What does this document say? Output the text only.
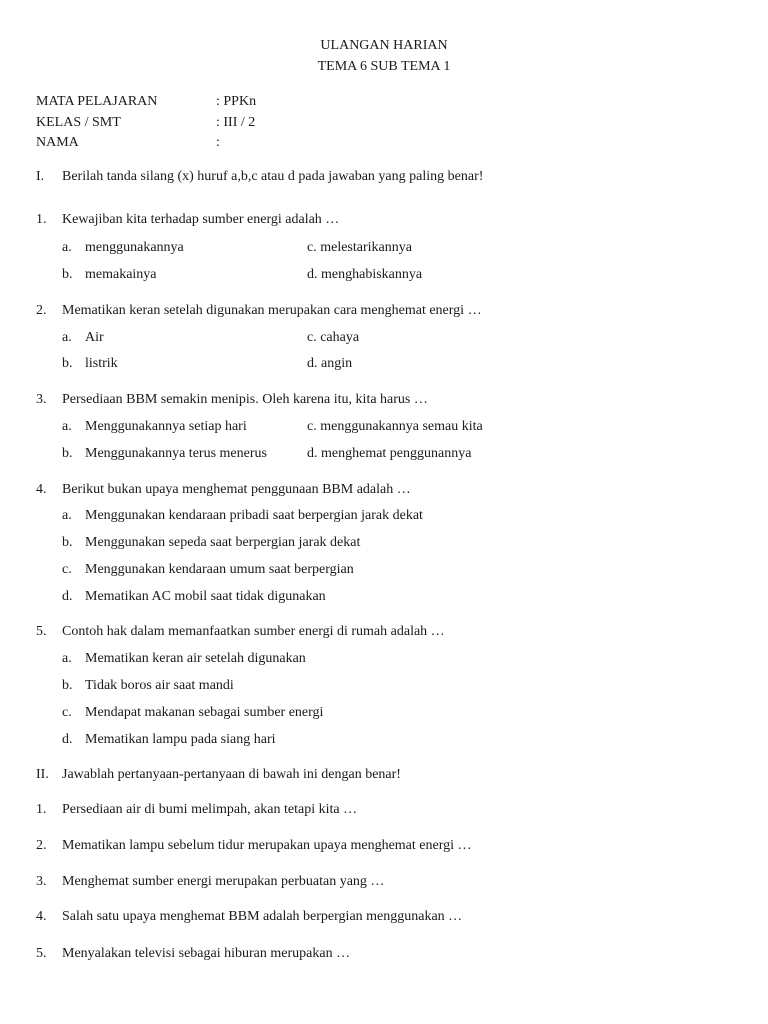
ULANGAN HARIAN
TEMA 6 SUB TEMA 1
MATA PELAJARAN	: PPKn
KELAS / SMT	: III / 2
NAMA	:
I. Berilah tanda silang (x) huruf a,b,c atau d pada jawaban yang paling benar!
1. Kewajiban kita terhadap sumber energi adalah …
a. menggunakannya	c. melestarikannya
b. memakainya	d. menghabiskannya
2. Mematikan keran setelah digunakan merupakan cara menghemat energi …
a. Air	c. cahaya
b. listrik	d. angin
3. Persediaan BBM semakin menipis. Oleh karena itu, kita harus …
a. Menggunakannya setiap hari	c. menggunakannya semau kita
b. Menggunakannya terus menerus	d. menghemat penggunannya
4. Berikut bukan upaya menghemat penggunaan BBM adalah …
a. Menggunakan kendaraan pribadi saat berpergian jarak dekat
b. Menggunakan sepeda saat berpergian jarak dekat
c. Menggunakan kendaraan umum saat berpergian
d. Mematikan AC mobil saat tidak digunakan
5. Contoh hak dalam memanfaatkan sumber energi di rumah adalah …
a. Mematikan keran air setelah digunakan
b. Tidak boros air saat mandi
c. Mendapat makanan sebagai sumber energi
d. Mematikan lampu pada siang hari
II. Jawablah pertanyaan-pertanyaan di bawah ini dengan benar!
1. Persediaan air di bumi melimpah, akan tetapi kita …
2. Mematikan lampu sebelum tidur merupakan upaya menghemat energi …
3. Menghemat sumber energi merupakan perbuatan yang …
4. Salah satu upaya menghemat BBM adalah berpergian menggunakan …
5. Menyalakan televisi sebagai hiburan merupakan …
